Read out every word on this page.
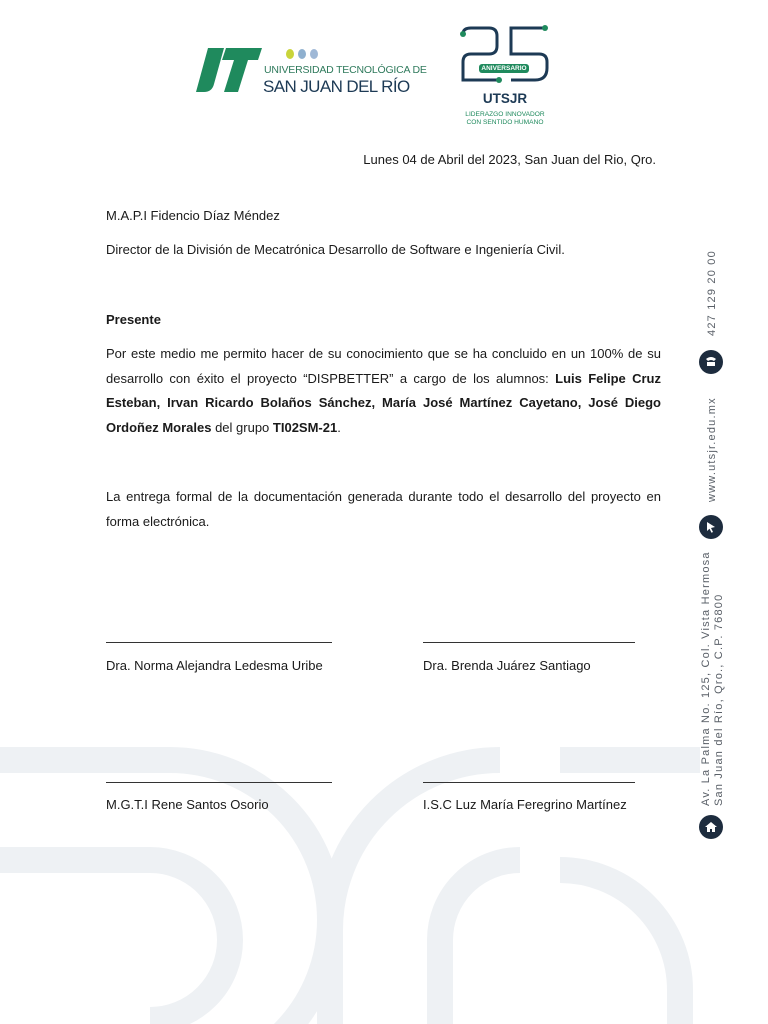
UNIVERSIDAD TECNOLÓGICA DE
SAN JUAN DEL RÍO
ANIVERSARIO
UTSJR
LIDERAZGO INNOVADOR
CON SENTIDO HUMANO
Lunes 04 de Abril del 2023, San Juan del Rio, Qro.
M.A.P.I Fidencio Díaz Méndez
Director de la División de Mecatrónica Desarrollo de Software e Ingeniería Civil.
Presente
Por este medio me permito hacer de su conocimiento que se ha concluido en un 100% de su desarrollo con éxito el proyecto “DISPBETTER” a cargo de los alumnos: Luis Felipe Cruz Esteban, Irvan Ricardo Bolaños Sánchez, María José Martínez Cayetano, José Diego Ordoñez Morales del grupo TI02SM-21.
La entrega formal de la documentación generada durante todo el desarrollo del proyecto en forma electrónica.
Dra. Norma Alejandra Ledesma Uribe	Dra. Brenda Juárez Santiago
M.G.T.I Rene Santos Osorio	I.S.C Luz María Feregrino Martínez
427 129 20 00
www.utsjr.edu.mx
Av. La Palma No. 125, Col. Vista Hermosa San Juan del Río, Qro., C.P. 76800
